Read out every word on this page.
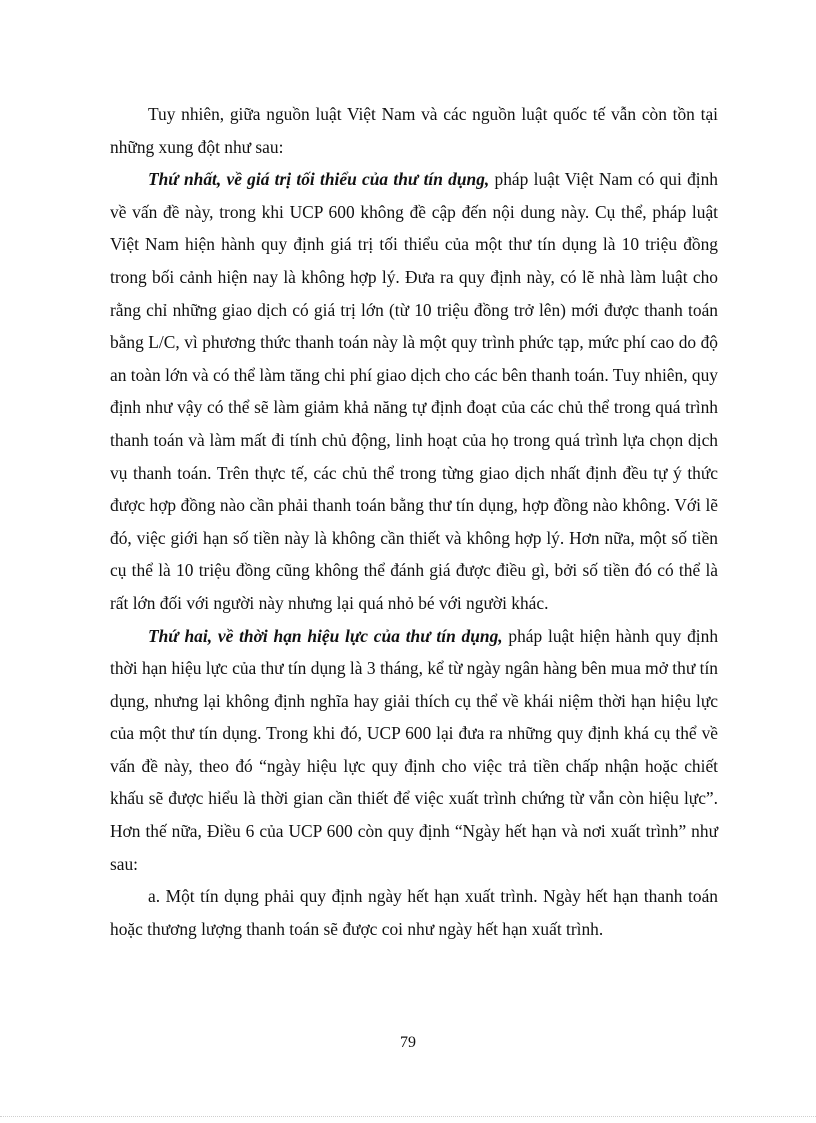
Tuy nhiên, giữa nguồn luật Việt Nam và các nguồn luật quốc tế vẫn còn tồn tại những xung đột như sau:

Thứ nhất, về giá trị tối thiểu của thư tín dụng, pháp luật Việt Nam có qui định về vấn đề này, trong khi UCP 600 không đề cập đến nội dung này. Cụ thể, pháp luật Việt Nam hiện hành quy định giá trị tối thiểu của một thư tín dụng là 10 triệu đồng trong bối cảnh hiện nay là không hợp lý. Đưa ra quy định này, có lẽ nhà làm luật cho rằng chỉ những giao dịch có giá trị lớn (từ 10 triệu đồng trở lên) mới được thanh toán bằng L/C, vì phương thức thanh toán này là một quy trình phức tạp, mức phí cao do độ an toàn lớn và có thể làm tăng chi phí giao dịch cho các bên thanh toán. Tuy nhiên, quy định như vậy có thể sẽ làm giảm khả năng tự định đoạt của các chủ thể trong quá trình thanh toán và làm mất đi tính chủ động, linh hoạt của họ trong quá trình lựa chọn dịch vụ thanh toán. Trên thực tế, các chủ thể trong từng giao dịch nhất định đều tự ý thức được hợp đồng nào cần phải thanh toán bằng thư tín dụng, hợp đồng nào không. Với lẽ đó, việc giới hạn số tiền này là không cần thiết và không hợp lý. Hơn nữa, một số tiền cụ thể là 10 triệu đồng cũng không thể đánh giá được điều gì, bởi số tiền đó có thể là rất lớn đối với người này nhưng lại quá nhỏ bé với người khác.

Thứ hai, về thời hạn hiệu lực của thư tín dụng, pháp luật hiện hành quy định thời hạn hiệu lực của thư tín dụng là 3 tháng, kể từ ngày ngân hàng bên mua mở thư tín dụng, nhưng lại không định nghĩa hay giải thích cụ thể về khái niệm thời hạn hiệu lực của một thư tín dụng. Trong khi đó, UCP 600 lại đưa ra những quy định khá cụ thể về vấn đề này, theo đó “ngày hiệu lực quy định cho việc trả tiền chấp nhận hoặc chiết khấu sẽ được hiểu là thời gian cần thiết để việc xuất trình chứng từ vẫn còn hiệu lực”. Hơn thế nữa, Điều 6 của UCP 600 còn quy định “Ngày hết hạn và nơi xuất trình” như sau:

a. Một tín dụng phải quy định ngày hết hạn xuất trình. Ngày hết hạn thanh toán hoặc thương lượng thanh toán sẽ được coi như ngày hết hạn xuất trình.

79
